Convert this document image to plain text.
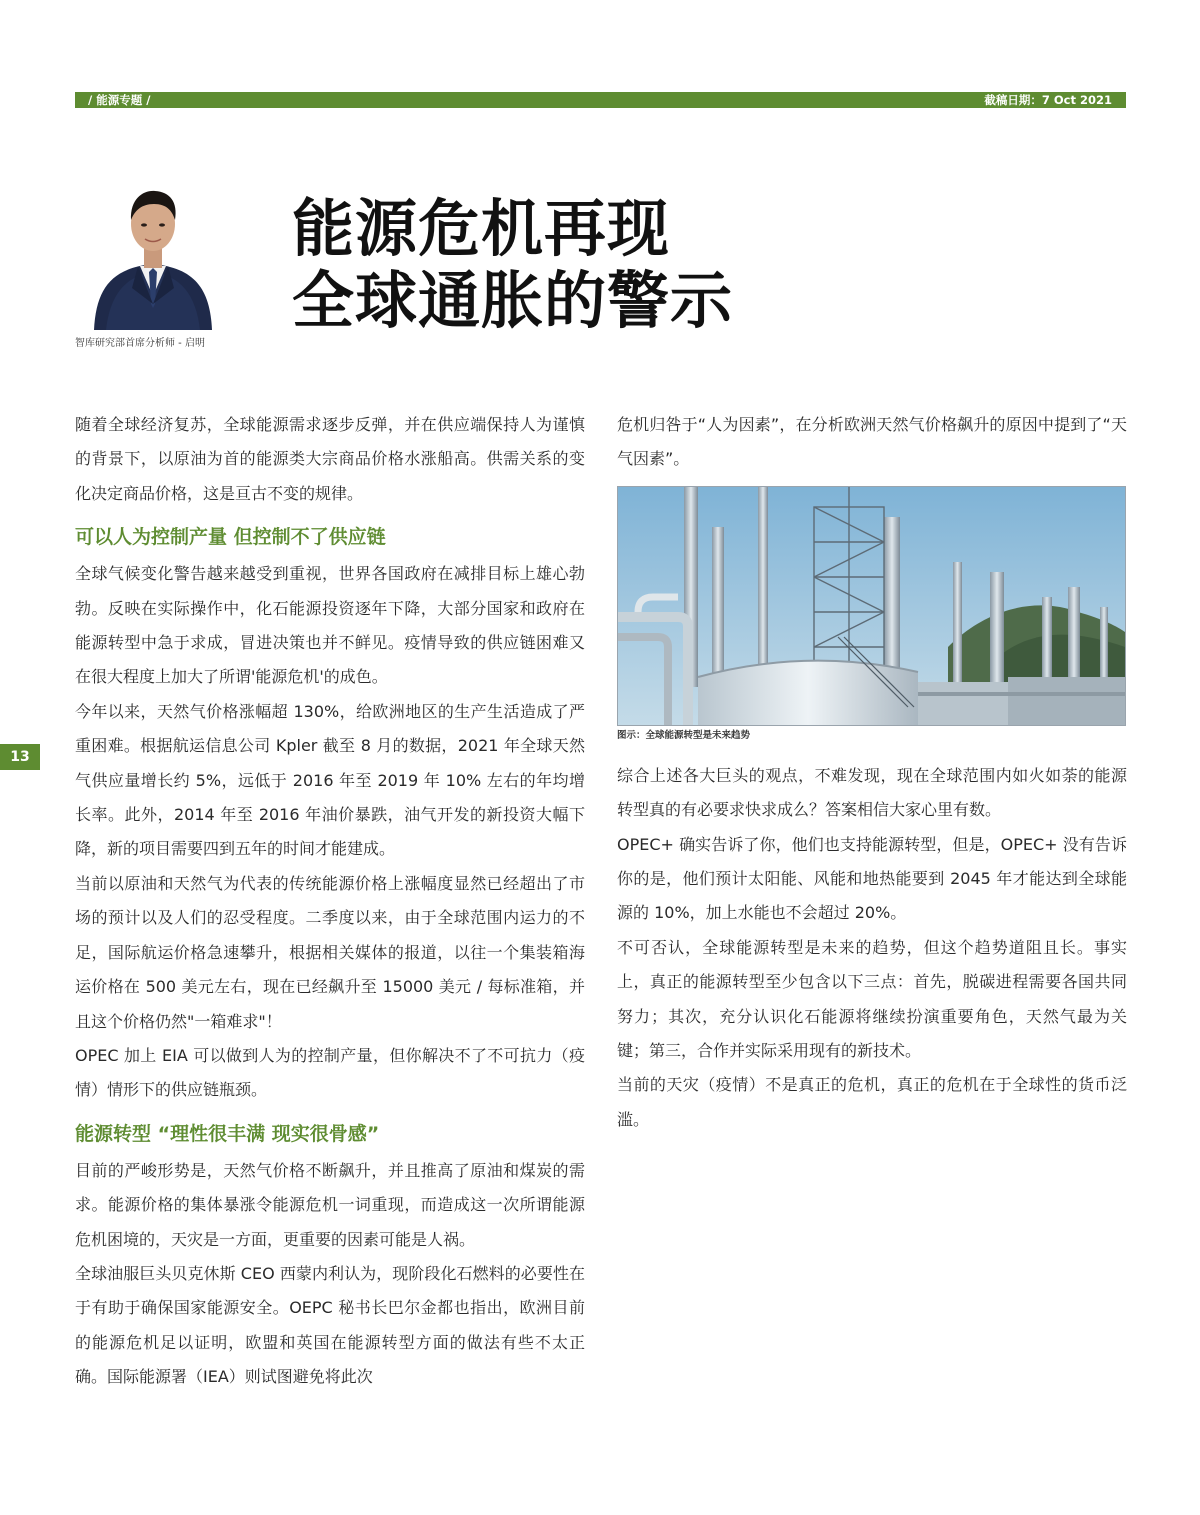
/ 能源专题 /	截稿日期：7 Oct 2021
智库研究部首席分析师 - 启明
能源危机再现
全球通胀的警示
13

随着全球经济复苏，全球能源需求逐步反弹，并在供应端保持人为谨慎的背景下，以原油为首的能源类大宗商品价格水涨船高。供需关系的变化决定商品价格，这是亘古不变的规律。

可以人为控制产量 但控制不了供应链

全球气候变化警告越来越受到重视，世界各国政府在减排目标上雄心勃勃。反映在实际操作中，化石能源投资逐年下降，大部分国家和政府在能源转型中急于求成，冒进决策也并不鲜见。疫情导致的供应链困难又在很大程度上加大了所谓'能源危机'的成色。

今年以来，天然气价格涨幅超 130%，给欧洲地区的生产生活造成了严重困难。根据航运信息公司 Kpler 截至 8 月的数据，2021 年全球天然气供应量增长约 5%，远低于 2016 年至 2019 年 10% 左右的年均增长率。此外，2014 年至 2016 年油价暴跌，油气开发的新投资大幅下降，新的项目需要四到五年的时间才能建成。

当前以原油和天然气为代表的传统能源价格上涨幅度显然已经超出了市场的预计以及人们的忍受程度。二季度以来，由于全球范围内运力的不足，国际航运价格急速攀升，根据相关媒体的报道，以往一个集装箱海运价格在 500 美元左右，现在已经飙升至 15000 美元 / 每标准箱，并且这个价格仍然"一箱难求"！

OPEC 加上 EIA 可以做到人为的控制产量，但你解决不了不可抗力（疫情）情形下的供应链瓶颈。

能源转型 “理性很丰满 现实很骨感”

目前的严峻形势是，天然气价格不断飙升，并且推高了原油和煤炭的需求。能源价格的集体暴涨令能源危机一词重现，而造成这一次所谓能源危机困境的，天灾是一方面，更重要的因素可能是人祸。

全球油服巨头贝克休斯 CEO 西蒙内利认为，现阶段化石燃料的必要性在于有助于确保国家能源安全。OEPC 秘书长巴尔金都也指出，欧洲目前的能源危机足以证明，欧盟和英国在能源转型方面的做法有些不太正确。国际能源署（IEA）则试图避免将此次

危机归咎于“人为因素”，在分析欧洲天然气价格飙升的原因中提到了“天气因素”。

图示：全球能源转型是未来趋势

综合上述各大巨头的观点，不难发现，现在全球范围内如火如荼的能源转型真的有必要求快求成么？答案相信大家心里有数。

OPEC+ 确实告诉了你，他们也支持能源转型，但是，OPEC+ 没有告诉你的是，他们预计太阳能、风能和地热能要到 2045 年才能达到全球能源的 10%，加上水能也不会超过 20%。

不可否认，全球能源转型是未来的趋势，但这个趋势道阻且长。事实上，真正的能源转型至少包含以下三点：首先，脱碳进程需要各国共同努力；其次，充分认识化石能源将继续扮演重要角色，天然气最为关键；第三，合作并实际采用现有的新技术。

当前的天灾（疫情）不是真正的危机，真正的危机在于全球性的货币泛滥。
